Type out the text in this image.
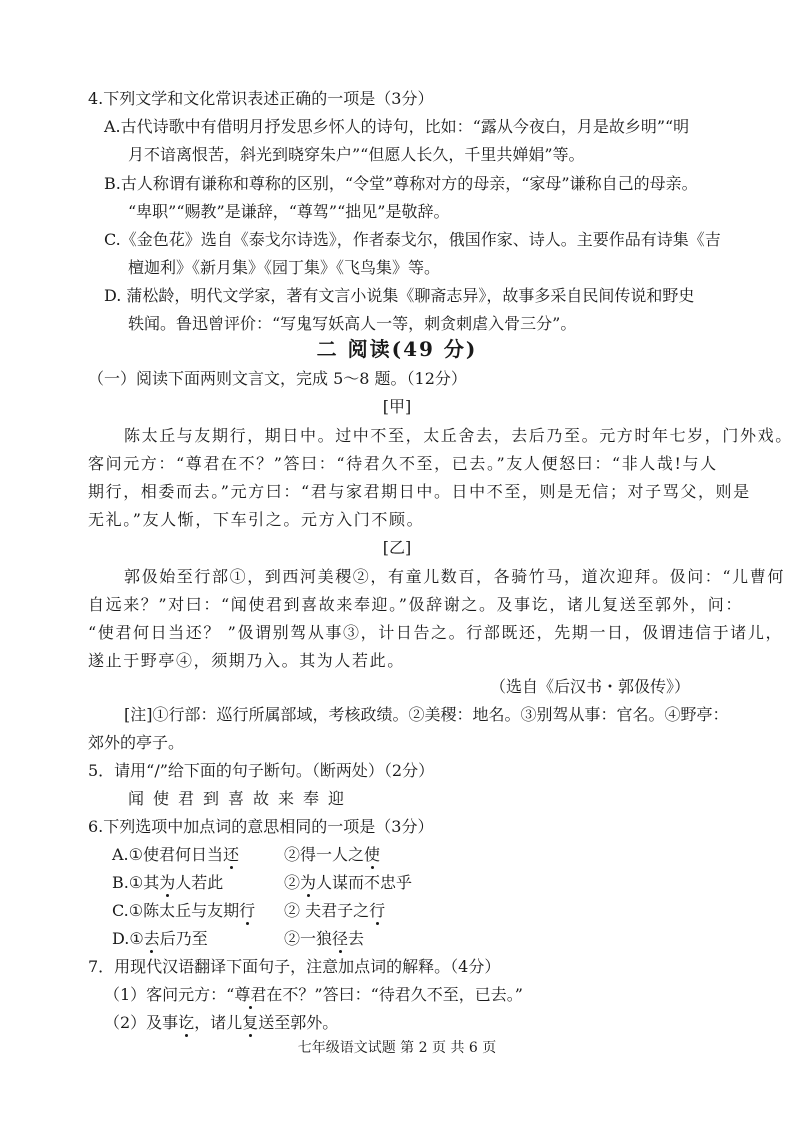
4.下列文学和文化常识表述正确的一项是（3分）
A.古代诗歌中有借明月抒发思乡怀人的诗句，比如：“露从今夜白，月是故乡明”“明
月不谙离恨苦，斜光到晓穿朱户”“但愿人长久，千里共婵娟”等。
B.古人称谓有谦称和尊称的区别，“令堂”尊称对方的母亲，“家母”谦称自己的母亲。
“卑职”“赐教”是谦辞，“尊驾”“拙见”是敬辞。
C.《金色花》选自《泰戈尔诗选》，作者泰戈尔，俄国作家、诗人。主要作品有诗集《吉
檀迦利》《新月集》《园丁集》《飞鸟集》等。
D. 蒲松龄，明代文学家，著有文言小说集《聊斋志异》，故事多采自民间传说和野史
轶闻。鲁迅曾评价：“写鬼写妖高人一等，刺贪刺虐入骨三分”。
二 阅读(49 分)
（一）阅读下面两则文言文，完成 5～8 题。（12分）
[甲]
陈太丘与友期行，期日中。过中不至，太丘舍去，去后乃至。元方时年七岁，门外戏。
客问元方：“尊君在不？”答曰：“待君久不至，已去。”友人便怒曰：“非人哉!与人
期行，相委而去。”元方曰：“君与家君期日中。日中不至，则是无信；对子骂父，则是
无礼。”友人惭，下车引之。元方入门不顾。
[乙]
郭伋始至行部①，到西河美稷②，有童儿数百，各骑竹马，道次迎拜。伋问：“儿曹何
自远来？”对曰：“闻使君到喜故来奉迎。”伋辞谢之。及事讫，诸儿复送至郭外，问：
“使君何日当还？ ”伋谓别驾从事③，计日告之。行部既还，先期一日，伋谓违信于诸儿，
遂止于野亭④，须期乃入。其为人若此。
（选自《后汉书・郭伋传》）
[注]①行部：巡行所属部域，考核政绩。②美稷：地名。③别驾从事：官名。④野亭：
郊外的亭子。
5．请用“/”给下面的句子断句。（断两处）（2分）
闻使君到喜故来奉迎
6.下列选项中加点词的意思相同的一项是（3分）
A.①使君何日当还	②得一人之使
B.①其为人若此	②为人谋而不忠乎
C.①陈太丘与友期行 ② 夫君子之行
D.①去后乃至	②一狼径去
7．用现代汉语翻译下面句子，注意加点词的解释。（4分）
（1）客问元方：“尊君在不？”答曰：“待君久不至，已去。”
（2）及事讫，诸儿复送至郭外。
七年级语文试题 第 2 页 共 6 页
